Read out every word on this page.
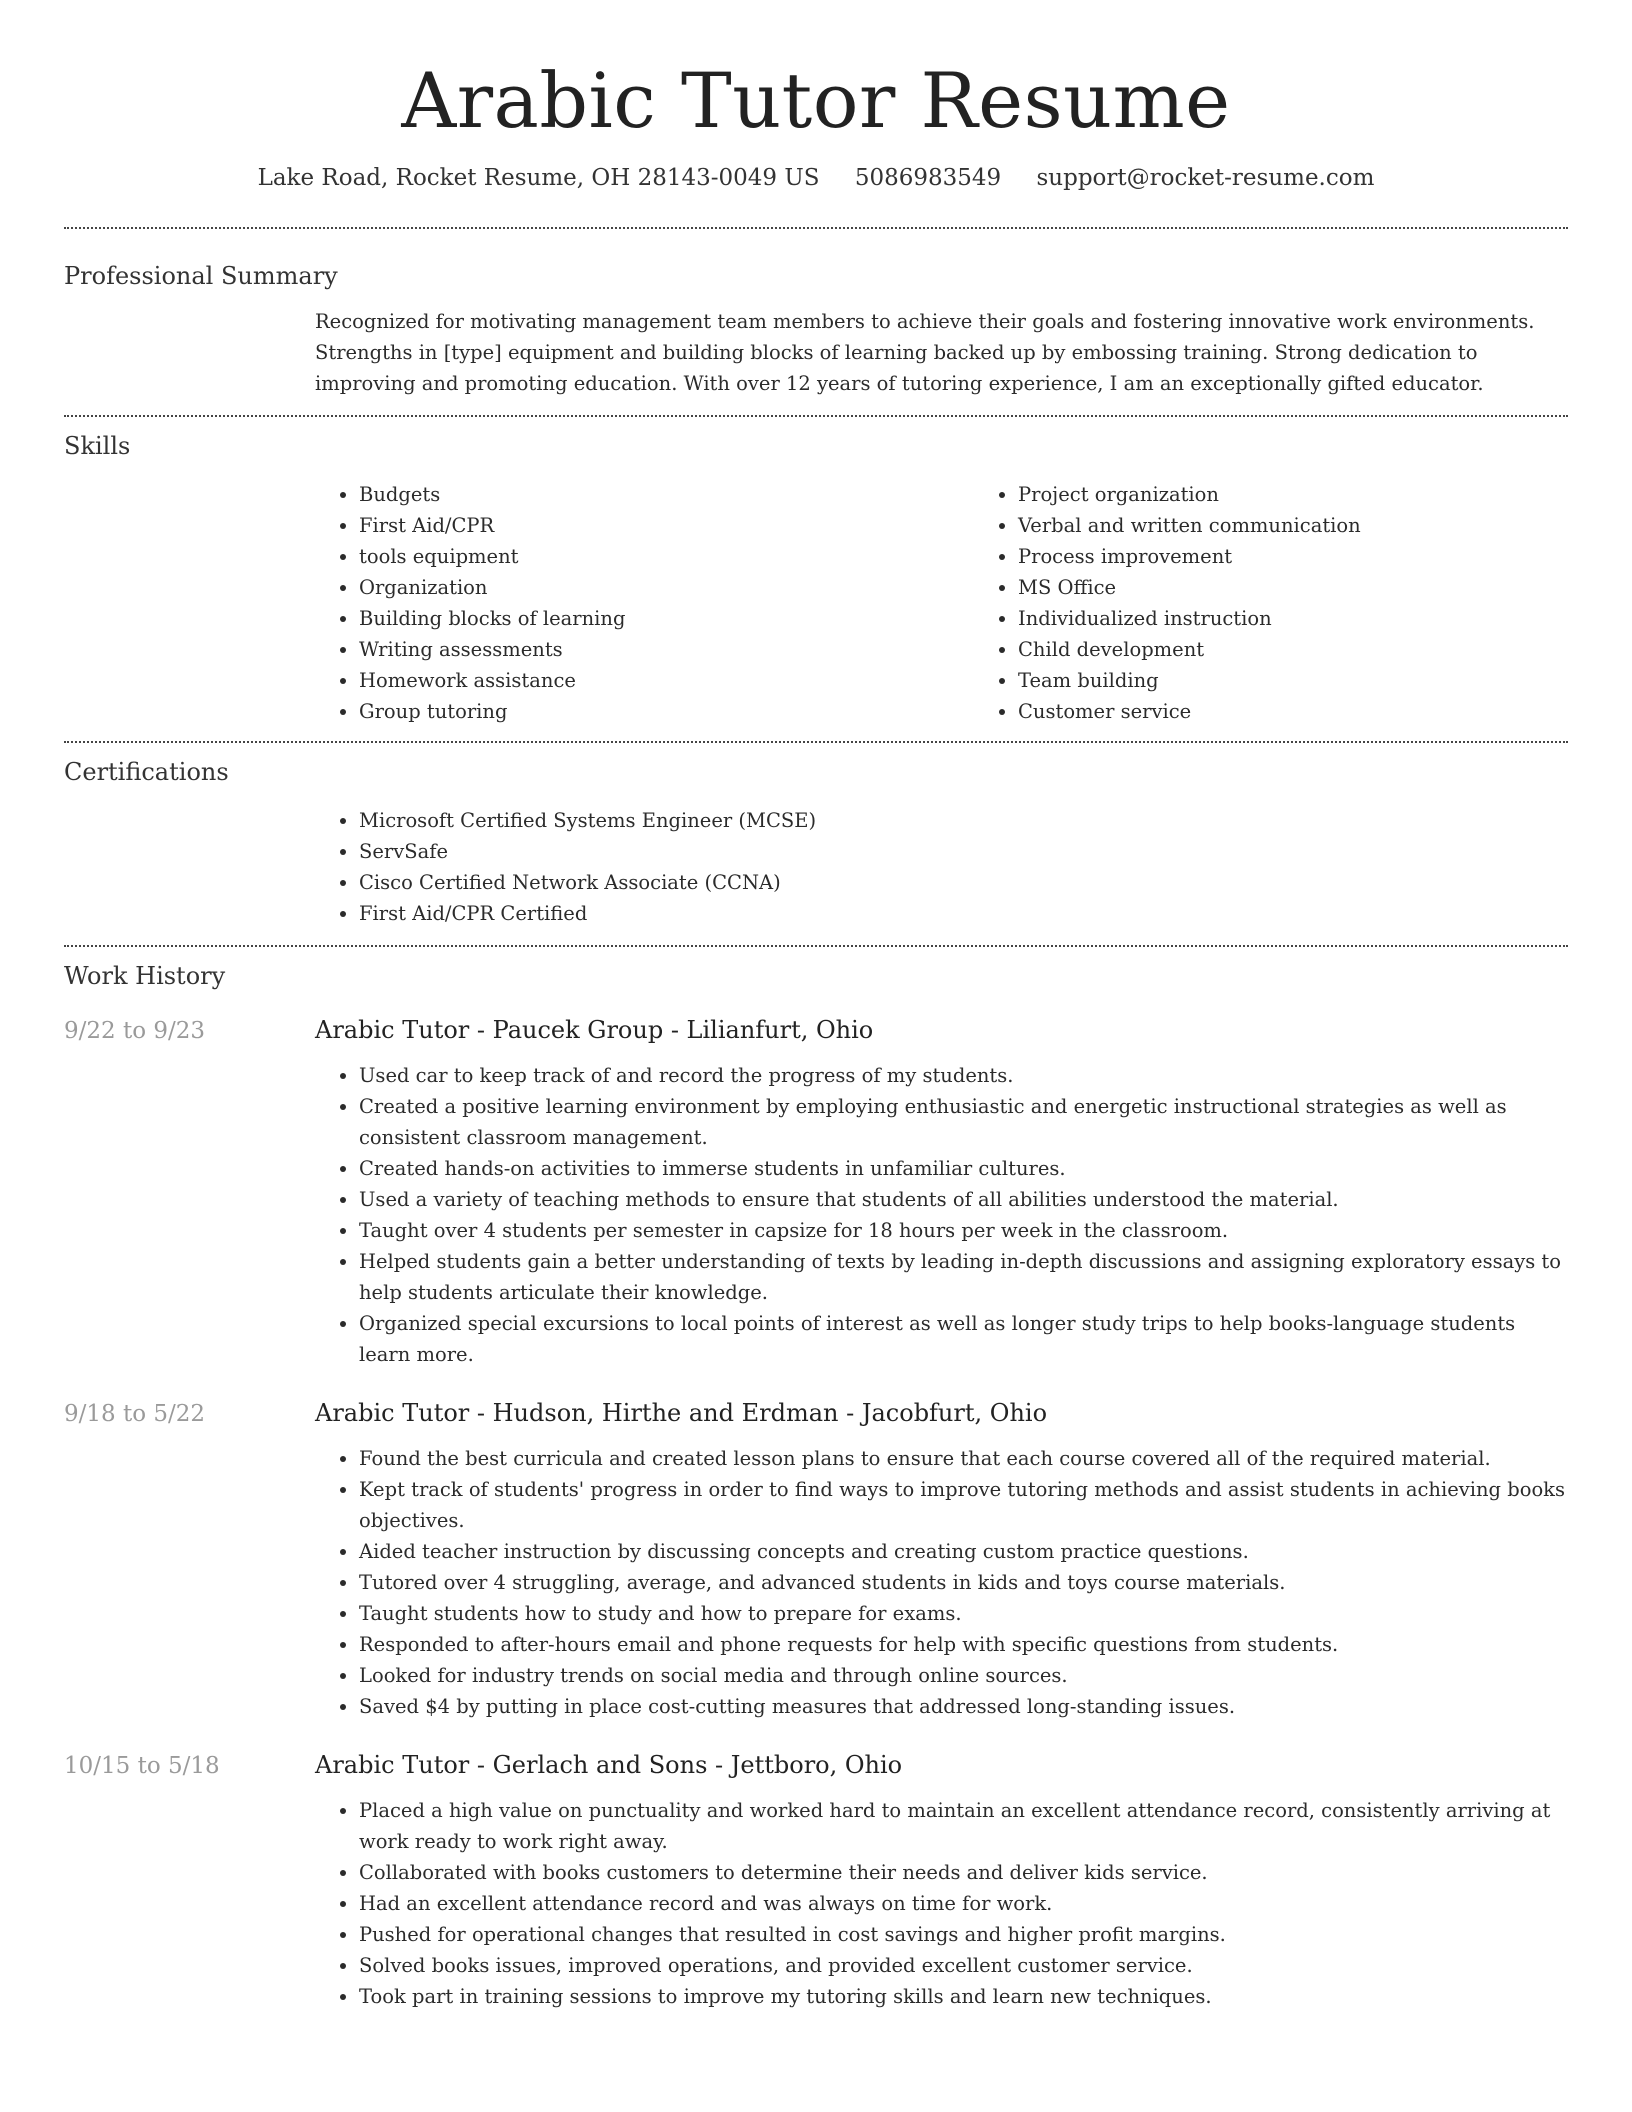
Arabic Tutor Resume
Lake Road, Rocket Resume, OH 28143-0049 US 5086983549 support@rocket-resume.com
Professional Summary
Recognized for motivating management team members to achieve their goals and fostering innovative work environments. Strengths in [type] equipment and building blocks of learning backed up by embossing training. Strong dedication to improving and promoting education. With over 12 years of tutoring experience, I am an exceptionally gifted educator.
Skills
• Budgets
• First Aid/CPR
• tools equipment
• Organization
• Building blocks of learning
• Writing assessments
• Homework assistance
• Group tutoring
• Project organization
• Verbal and written communication
• Process improvement
• MS Office
• Individualized instruction
• Child development
• Team building
• Customer service
Certifications
• Microsoft Certified Systems Engineer (MCSE)
• ServSafe
• Cisco Certified Network Associate (CCNA)
• First Aid/CPR Certified
Work History
9/22 to 9/23	Arabic Tutor - Paucek Group - Lilianfurt, Ohio
• Used car to keep track of and record the progress of my students.
• Created a positive learning environment by employing enthusiastic and energetic instructional strategies as well as consistent classroom management.
• Created hands-on activities to immerse students in unfamiliar cultures.
• Used a variety of teaching methods to ensure that students of all abilities understood the material.
• Taught over 4 students per semester in capsize for 18 hours per week in the classroom.
• Helped students gain a better understanding of texts by leading in-depth discussions and assigning exploratory essays to help students articulate their knowledge.
• Organized special excursions to local points of interest as well as longer study trips to help books-language students learn more.
9/18 to 5/22	Arabic Tutor - Hudson, Hirthe and Erdman - Jacobfurt, Ohio
• Found the best curricula and created lesson plans to ensure that each course covered all of the required material.
• Kept track of students' progress in order to find ways to improve tutoring methods and assist students in achieving books objectives.
• Aided teacher instruction by discussing concepts and creating custom practice questions.
• Tutored over 4 struggling, average, and advanced students in kids and toys course materials.
• Taught students how to study and how to prepare for exams.
• Responded to after-hours email and phone requests for help with specific questions from students.
• Looked for industry trends on social media and through online sources.
• Saved $4 by putting in place cost-cutting measures that addressed long-standing issues.
10/15 to 5/18	Arabic Tutor - Gerlach and Sons - Jettboro, Ohio
• Placed a high value on punctuality and worked hard to maintain an excellent attendance record, consistently arriving at work ready to work right away.
• Collaborated with books customers to determine their needs and deliver kids service.
• Had an excellent attendance record and was always on time for work.
• Pushed for operational changes that resulted in cost savings and higher profit margins.
• Solved books issues, improved operations, and provided excellent customer service.
• Took part in training sessions to improve my tutoring skills and learn new techniques.
